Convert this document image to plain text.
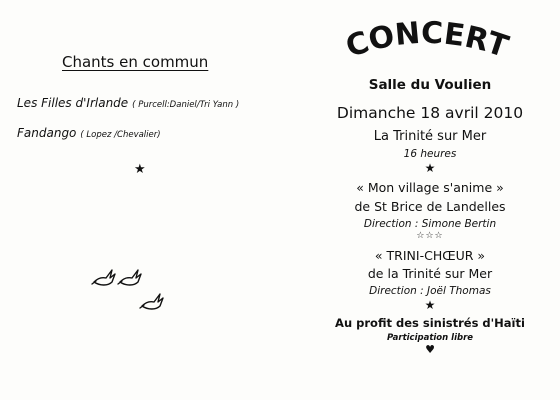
Chants en commun
Les Filles d'Irlande ( Purcell:Daniel/Tri Yann )
Fandango ( Lopez /Chevalier)
★
CONCERT
Salle du Voulien
Dimanche 18 avril 2010
La Trinité sur Mer
16 heures
★
« Mon village s'anime »
de St Brice de Landelles
Direction : Simone Bertin
☆☆☆
« TRINI-CHŒUR »
de la Trinité sur Mer
Direction : Joël Thomas
★
Au profit des sinistrés d'Haïti
Participation libre
♥
